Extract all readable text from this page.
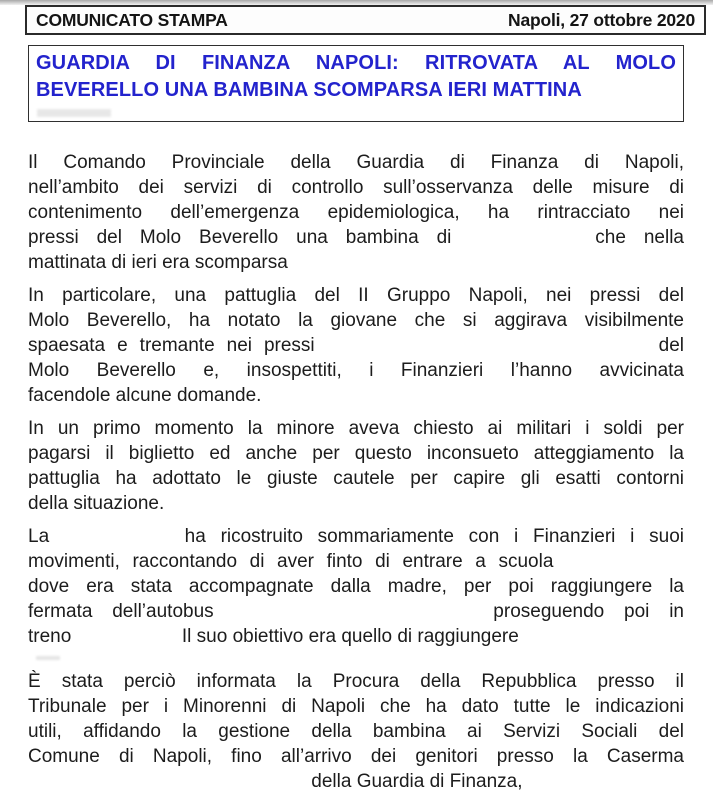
COMUNICATO STAMPA	Napoli, 27 ottobre 2020
GUARDIA DI FINANZA NAPOLI: RITROVATA AL MOLO
BEVERELLO UNA BAMBINA SCOMPARSA IERI MATTINA
Il Comando Provinciale della Guardia di Finanza di Napoli,
nell’ambito dei servizi di controllo sull’osservanza delle misure di
contenimento dell’emergenza epidemiologica, ha rintracciato nei
pressi del Molo Beverello una bambina di	che nella
mattinata di ieri era scomparsa
In particolare, una pattuglia del II Gruppo Napoli, nei pressi del
Molo Beverello, ha notato la giovane che si aggirava visibilmente
spaesata e tremante nei pressi	del
Molo Beverello e, insospettiti, i Finanzieri l’hanno avvicinata
facendole alcune domande.
In un primo momento la minore aveva chiesto ai militari i soldi per
pagarsi il biglietto ed anche per questo inconsueto atteggiamento la
pattuglia ha adottato le giuste cautele per capire gli esatti contorni
della situazione.
La	ha ricostruito sommariamente con i Finanzieri i suoi
movimenti, raccontando di aver finto di entrare a scuola
dove era stata accompagnate dalla madre, per poi raggiungere la
fermata dell’autobus	proseguendo poi in
treno	Il suo obiettivo era quello di raggiungere
È stata perciò informata la Procura della Repubblica presso il
Tribunale per i Minorenni di Napoli che ha dato tutte le indicazioni
utili, affidando la gestione della bambina ai Servizi Sociali del
Comune di Napoli, fino all’arrivo dei genitori presso la Caserma
della Guardia di Finanza,
